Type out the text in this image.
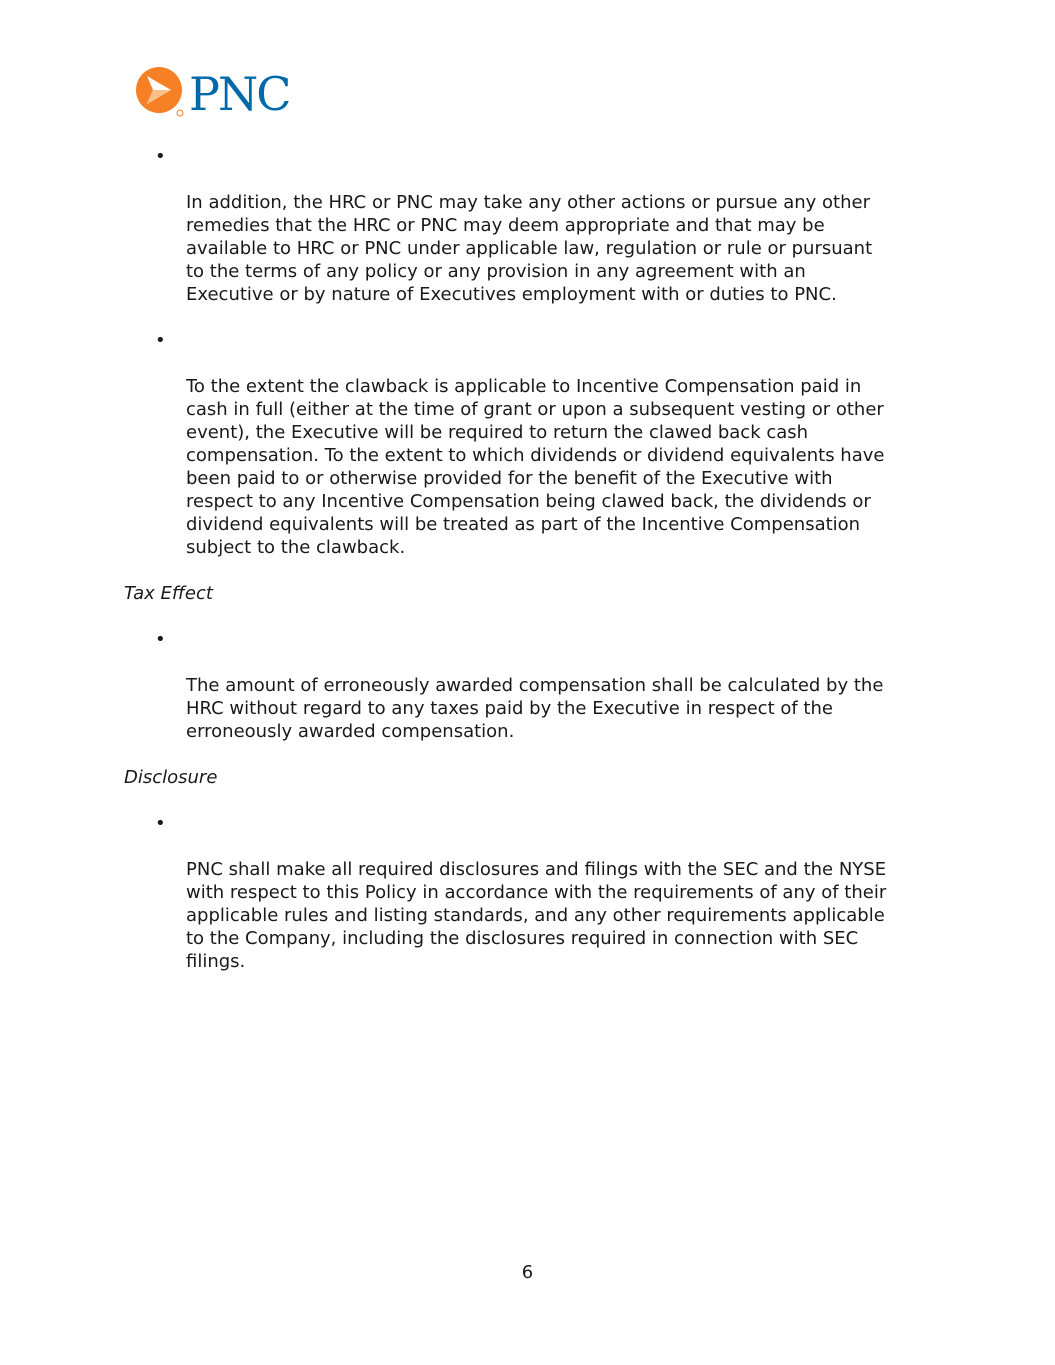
PNC

•

In addition, the HRC or PNC may take any other actions or pursue any other
remedies that the HRC or PNC may deem appropriate and that may be
available to HRC or PNC under applicable law, regulation or rule or pursuant
to the terms of any policy or any provision in any agreement with an
Executive or by nature of Executives employment with or duties to PNC.

•

To the extent the clawback is applicable to Incentive Compensation paid in
cash in full (either at the time of grant or upon a subsequent vesting or other
event), the Executive will be required to return the clawed back cash
compensation. To the extent to which dividends or dividend equivalents have
been paid to or otherwise provided for the benefit of the Executive with
respect to any Incentive Compensation being clawed back, the dividends or
dividend equivalents will be treated as part of the Incentive Compensation
subject to the clawback.

Tax Effect

•

The amount of erroneously awarded compensation shall be calculated by the
HRC without regard to any taxes paid by the Executive in respect of the
erroneously awarded compensation.

Disclosure

•

PNC shall make all required disclosures and filings with the SEC and the NYSE
with respect to this Policy in accordance with the requirements of any of their
applicable rules and listing standards, and any other requirements applicable
to the Company, including the disclosures required in connection with SEC
filings.

6
